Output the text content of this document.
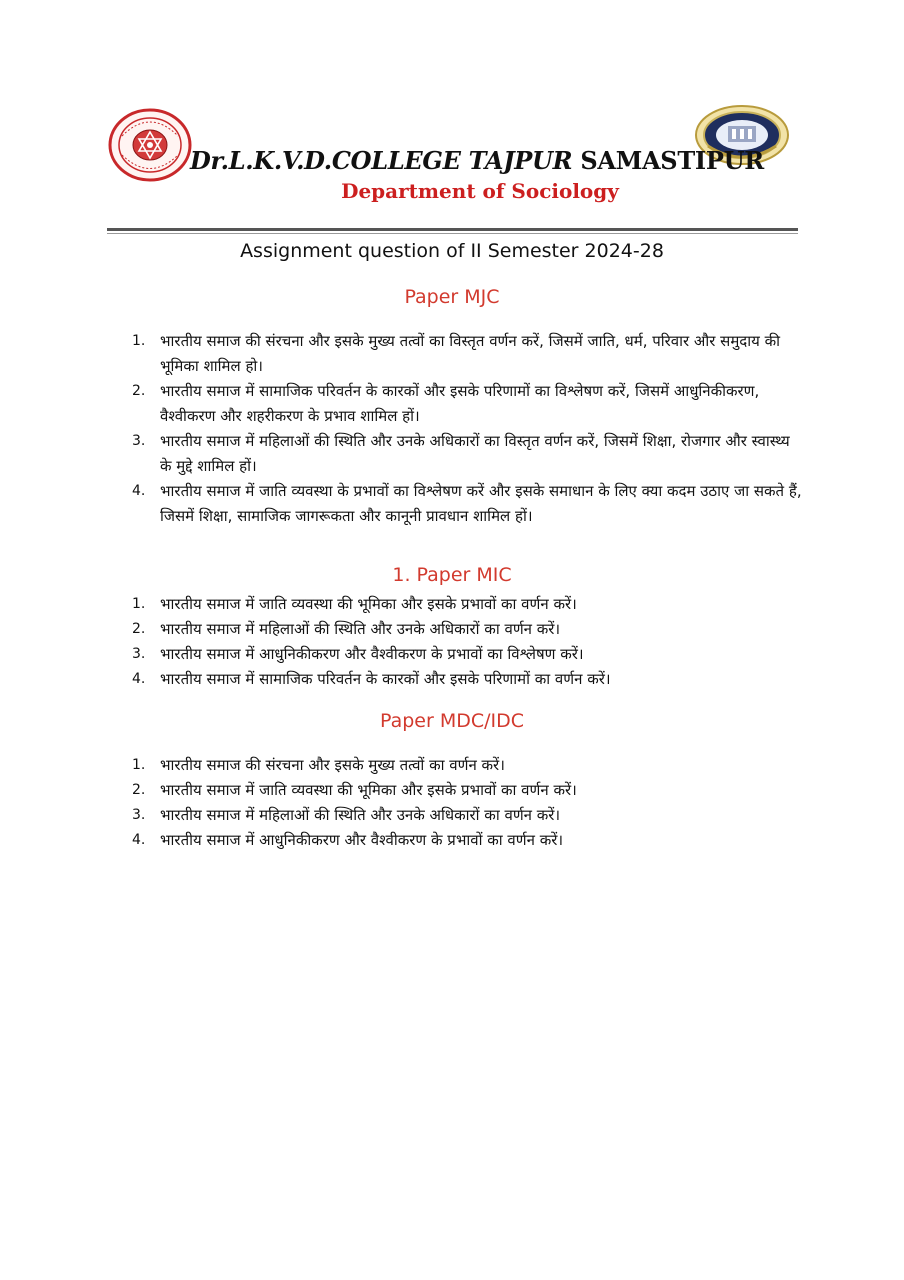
Dr.L.K.V.D.COLLEGE TAJPUR SAMASTIPUR
Department of Sociology
Assignment question of II Semester 2024-28
Paper MJC
1. भारतीय समाज की संरचना और इसके मुख्य तत्वों का विस्तृत वर्णन करें, जिसमें जाति, धर्म, परिवार और समुदाय की भूमिका शामिल हो।
2. भारतीय समाज में सामाजिक परिवर्तन के कारकों और इसके परिणामों का विश्लेषण करें, जिसमें आधुनिकीकरण, वैश्वीकरण और शहरीकरण के प्रभाव शामिल हों।
3. भारतीय समाज में महिलाओं की स्थिति और उनके अधिकारों का विस्तृत वर्णन करें, जिसमें शिक्षा, रोजगार और स्वास्थ्य के मुद्दे शामिल हों।
4. भारतीय समाज में जाति व्यवस्था के प्रभावों का विश्लेषण करें और इसके समाधान के लिए क्या कदम उठाए जा सकते हैं, जिसमें शिक्षा, सामाजिक जागरूकता और कानूनी प्रावधान शामिल हों।
1. Paper MIC
1. भारतीय समाज में जाति व्यवस्था की भूमिका और इसके प्रभावों का वर्णन करें।
2. भारतीय समाज में महिलाओं की स्थिति और उनके अधिकारों का वर्णन करें।
3. भारतीय समाज में आधुनिकीकरण और वैश्वीकरण के प्रभावों का विश्लेषण करें।
4. भारतीय समाज में सामाजिक परिवर्तन के कारकों और इसके परिणामों का वर्णन करें।
Paper MDC/IDC
1. भारतीय समाज की संरचना और इसके मुख्य तत्वों का वर्णन करें।
2. भारतीय समाज में जाति व्यवस्था की भूमिका और इसके प्रभावों का वर्णन करें।
3. भारतीय समाज में महिलाओं की स्थिति और उनके अधिकारों का वर्णन करें।
4. भारतीय समाज में आधुनिकीकरण और वैश्वीकरण के प्रभावों का वर्णन करें।
